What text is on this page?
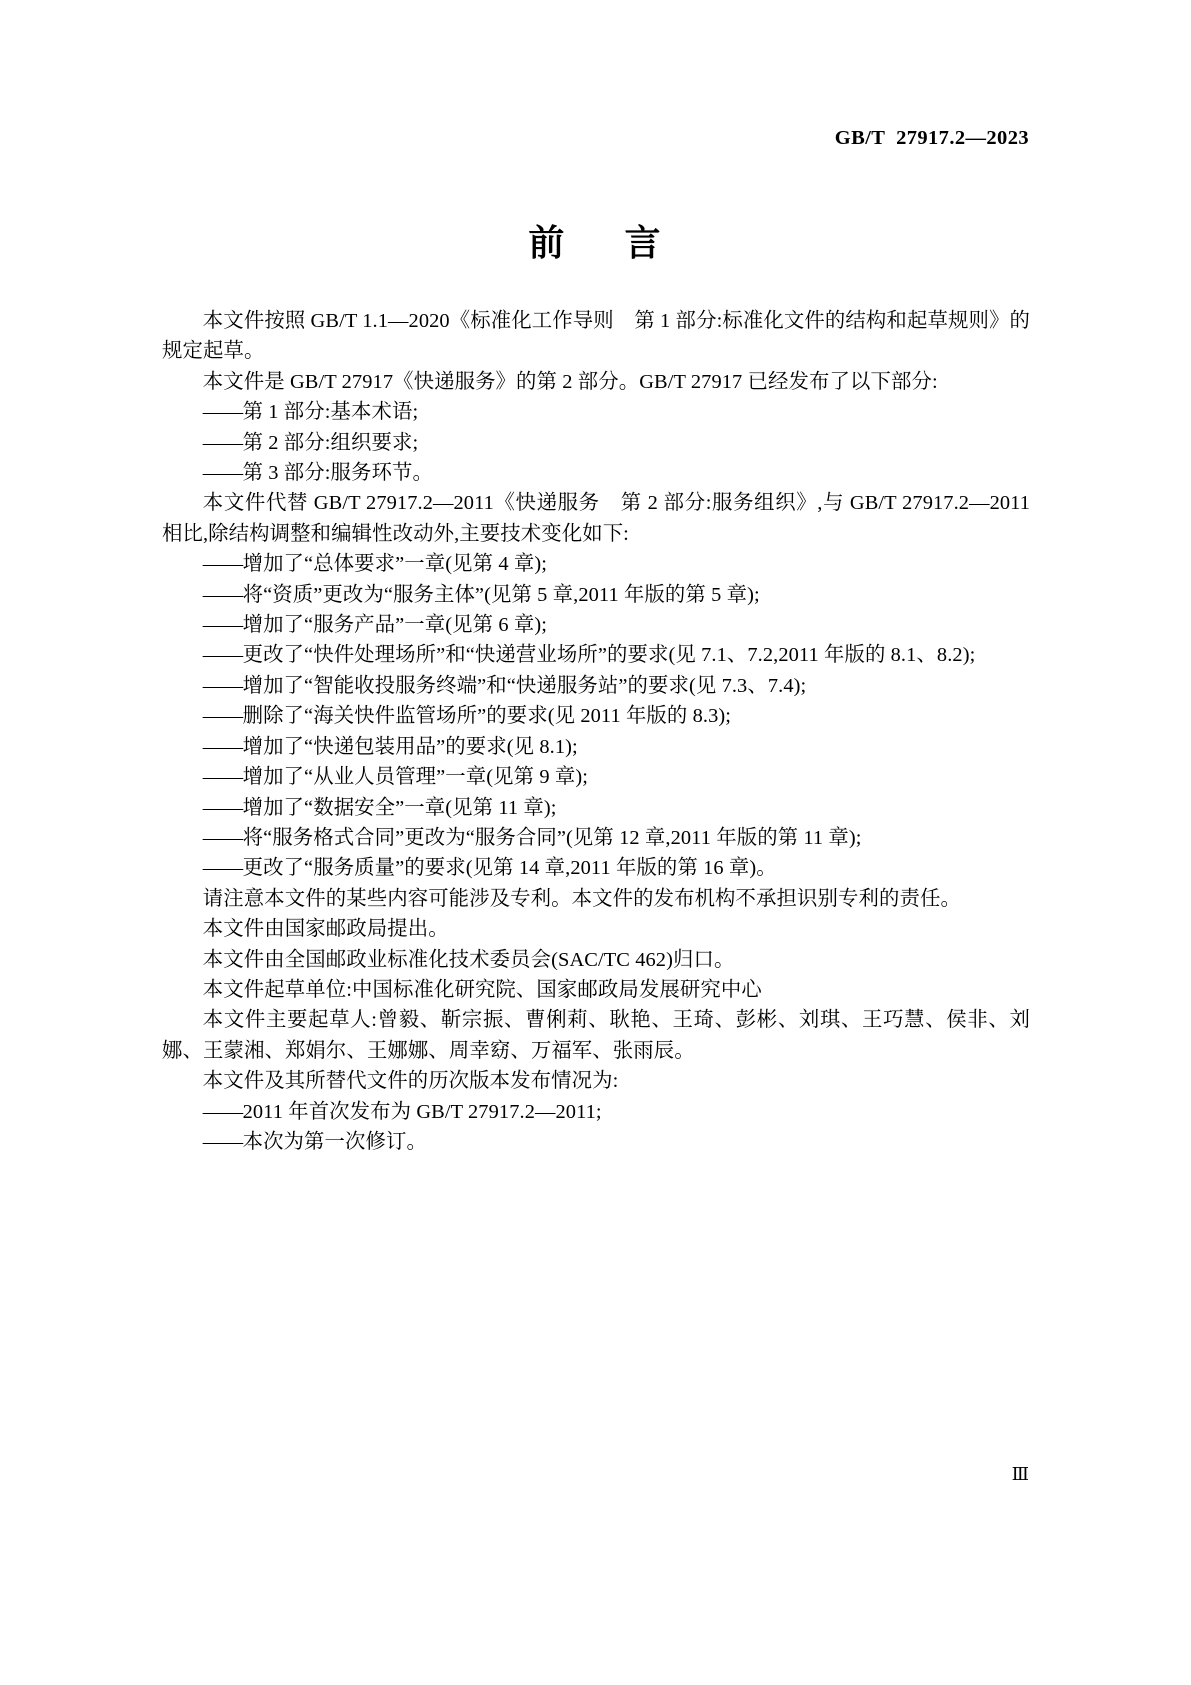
GB/T  27917.2—2023
前    言

本文件按照 GB/T 1.1—2020《标准化工作导则　第 1 部分:标准化文件的结构和起草规则》的规定起草。

本文件是 GB/T 27917《快递服务》的第 2 部分。GB/T 27917 已经发布了以下部分:

——第 1 部分:基本术语;

——第 2 部分:组织要求;

——第 3 部分:服务环节。

本文件代替 GB/T 27917.2—2011《快递服务　第 2 部分:服务组织》,与 GB/T 27917.2—2011 相比,除结构调整和编辑性改动外,主要技术变化如下:

——增加了“总体要求”一章(见第 4 章);

——将“资质”更改为“服务主体”(见第 5 章,2011 年版的第 5 章);

——增加了“服务产品”一章(见第 6 章);

——更改了“快件处理场所”和“快递营业场所”的要求(见 7.1、7.2,2011 年版的 8.1、8.2);

——增加了“智能收投服务终端”和“快递服务站”的要求(见 7.3、7.4);

——删除了“海关快件监管场所”的要求(见 2011 年版的 8.3);

——增加了“快递包装用品”的要求(见 8.1);

——增加了“从业人员管理”一章(见第 9 章);

——增加了“数据安全”一章(见第 11 章);

——将“服务格式合同”更改为“服务合同”(见第 12 章,2011 年版的第 11 章);

——更改了“服务质量”的要求(见第 14 章,2011 年版的第 16 章)。

请注意本文件的某些内容可能涉及专利。本文件的发布机构不承担识别专利的责任。

本文件由国家邮政局提出。

本文件由全国邮政业标准化技术委员会(SAC/TC 462)归口。

本文件起草单位:中国标准化研究院、国家邮政局发展研究中心

本文件主要起草人:曾毅、靳宗振、曹俐莉、耿艳、王琦、彭彬、刘琪、王巧慧、侯非、刘娜、王蒙湘、郑娟尔、王娜娜、周幸窈、万福军、张雨辰。

本文件及其所替代文件的历次版本发布情况为:

——2011 年首次发布为 GB/T 27917.2—2011;

——本次为第一次修订。

Ⅲ
